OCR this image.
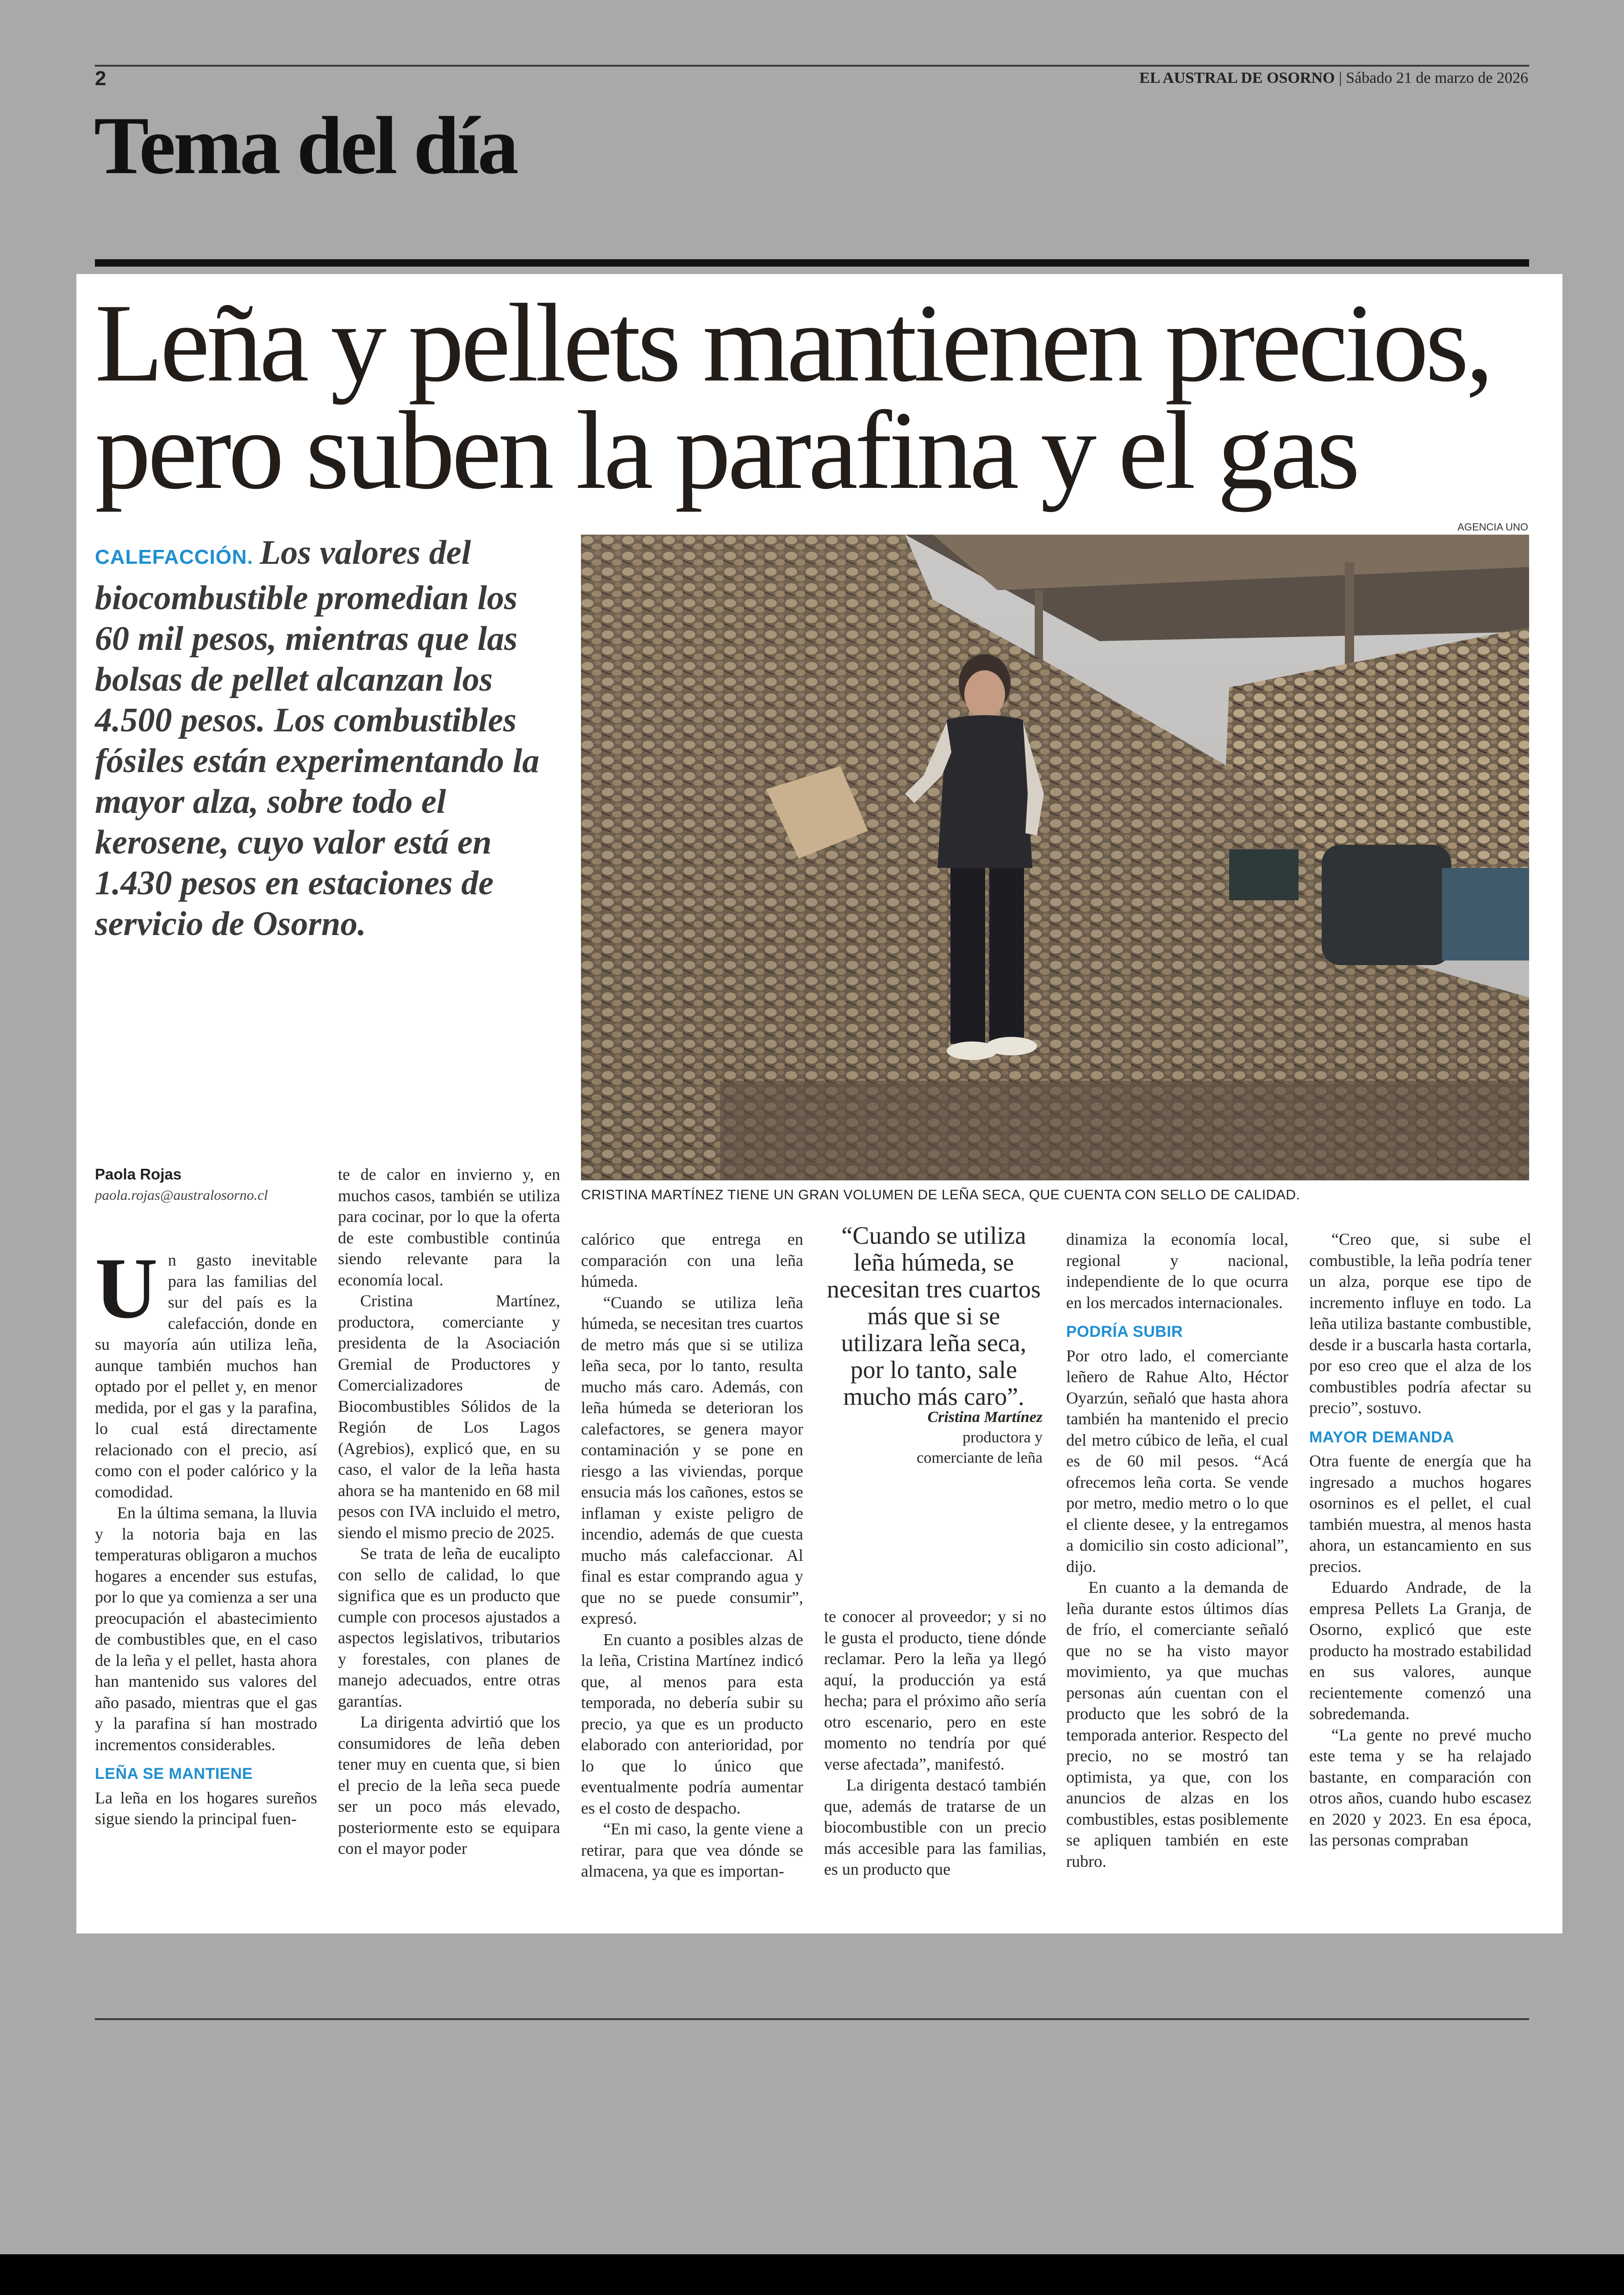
2	EL AUSTRAL DE OSORNO | Sábado 21 de marzo de 2026
Tema del día
Leña y pellets mantienen precios, pero suben la parafina y el gas
CALEFACCIÓN. Los valores del biocombustible promedian los 60 mil pesos, mientras que las bolsas de pellet alcanzan los 4.500 pesos. Los combustibles fósiles están experimentando la mayor alza, sobre todo el kerosene, cuyo valor está en 1.430 pesos en estaciones de servicio de Osorno.
AGENCIA UNO
CRISTINA MARTÍNEZ TIENE UN GRAN VOLUMEN DE LEÑA SECA, QUE CUENTA CON SELLO DE CALIDAD.
Paola Rojas
paola.rojas@australosorno.cl

Un gasto inevitable para las familias del sur del país es la calefacción, donde en su mayoría aún utiliza leña, aunque también muchos han optado por el pellet y, en menor medida, por el gas y la parafina, lo cual está directamente relacionado con el precio, así como con el poder calórico y la comodidad.

En la última semana, la lluvia y la notoria baja en las temperaturas obligaron a muchos hogares a encender sus estufas, por lo que ya comienza a ser una preocupación el abastecimiento de combustibles que, en el caso de la leña y el pellet, hasta ahora han mantenido sus valores del año pasado, mientras que el gas y la parafina sí han mostrado incrementos considerables.

LEÑA SE MANTIENE

La leña en los hogares sureños sigue siendo la principal fuen-

te de calor en invierno y, en muchos casos, también se utiliza para cocinar, por lo que la oferta de este combustible continúa siendo relevante para la economía local.

Cristina Martínez, productora, comerciante y presidenta de la Asociación Gremial de Productores y Comercializadores de Biocombustibles Sólidos de la Región de Los Lagos (Agrebios), explicó que, en su caso, el valor de la leña hasta ahora se ha mantenido en 68 mil pesos con IVA incluido el metro, siendo el mismo precio de 2025.

Se trata de leña de eucalipto con sello de calidad, lo que significa que es un producto que cumple con procesos ajustados a aspectos legislativos, tributarios y forestales, con planes de manejo adecuados, entre otras garantías.

La dirigenta advirtió que los consumidores de leña deben tener muy en cuenta que, si bien el precio de la leña seca puede ser un poco más elevado, posteriormente esto se equipara con el mayor poder

calórico que entrega en comparación con una leña húmeda.

“Cuando se utiliza leña húmeda, se necesitan tres cuartos de metro más que si se utiliza leña seca, por lo tanto, resulta mucho más caro. Además, con leña húmeda se deterioran los calefactores, se genera mayor contaminación y se pone en riesgo a las viviendas, porque ensucia más los cañones, estos se inflaman y existe peligro de incendio, además de que cuesta mucho más calefaccionar. Al final es estar comprando agua y que no se puede consumir”, expresó.

En cuanto a posibles alzas de la leña, Cristina Martínez indicó que, al menos para esta temporada, no debería subir su precio, ya que es un producto elaborado con anterioridad, por lo que lo único que eventualmente podría aumentar es el costo de despacho.

“En mi caso, la gente viene a retirar, para que vea dónde se almacena, ya que es importan-

“Cuando se utiliza leña húmeda, se necesitan tres cuartos más que si se utilizara leña seca, por lo tanto, sale mucho más caro”.
Cristina Martínez
productora y
comerciante de leña

te conocer al proveedor; y si no le gusta el producto, tiene dónde reclamar. Pero la leña ya llegó aquí, la producción ya está hecha; para el próximo año sería otro escenario, pero en este momento no tendría por qué verse afectada”, manifestó.

La dirigenta destacó también que, además de tratarse de un biocombustible con un precio más accesible para las familias, es un producto que

dinamiza la economía local, regional y nacional, independiente de lo que ocurra en los mercados internacionales.

PODRÍA SUBIR

Por otro lado, el comerciante leñero de Rahue Alto, Héctor Oyarzún, señaló que hasta ahora también ha mantenido el precio del metro cúbico de leña, el cual es de 60 mil pesos. “Acá ofrecemos leña corta. Se vende por metro, medio metro o lo que el cliente desee, y la entregamos a domicilio sin costo adicional”, dijo.

En cuanto a la demanda de leña durante estos últimos días de frío, el comerciante señaló que no se ha visto mayor movimiento, ya que muchas personas aún cuentan con el producto que les sobró de la temporada anterior. Respecto del precio, no se mostró tan optimista, ya que, con los anuncios de alzas en los combustibles, estas posiblemente se apliquen también en este rubro.

“Creo que, si sube el combustible, la leña podría tener un alza, porque ese tipo de incremento influye en todo. La leña utiliza bastante combustible, desde ir a buscarla hasta cortarla, por eso creo que el alza de los combustibles podría afectar su precio”, sostuvo.

MAYOR DEMANDA

Otra fuente de energía que ha ingresado a muchos hogares osorninos es el pellet, el cual también muestra, al menos hasta ahora, un estancamiento en sus precios.

Eduardo Andrade, de la empresa Pellets La Granja, de Osorno, explicó que este producto ha mostrado estabilidad en sus valores, aunque recientemente comenzó una sobredemanda.

“La gente no prevé mucho este tema y se ha relajado bastante, en comparación con otros años, cuando hubo escasez en 2020 y 2023. En esa época, las personas compraban
